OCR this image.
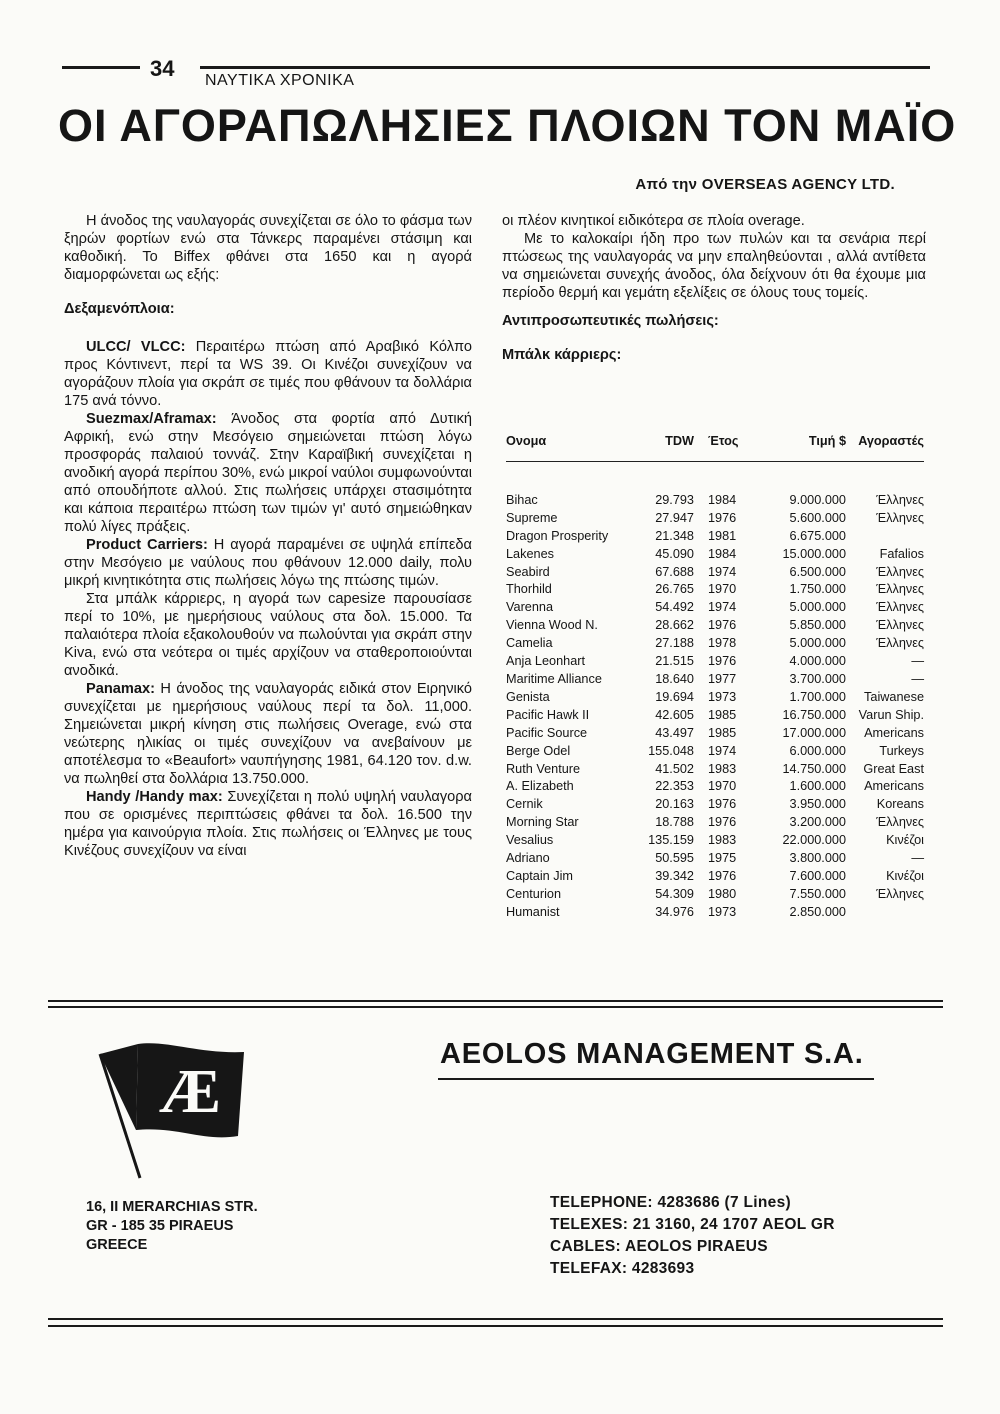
34 ΝΑΥΤΙΚΑ ΧΡΟΝΙΚΑ
ΟΙ ΑΓΟΡΑΠΩΛΗΣΙΕΣ ΠΛΟΙΩΝ ΤΟΝ ΜΑΪΟ
Από την OVERSEAS AGENCY LTD.

Η άνοδος της ναυλαγοράς συνεχίζεται σε όλο το φάσμα των ξηρών φορτίων ενώ στα Τάνκερς παραμένει στάσιμη και καθοδική. Το Biffex φθάνει στα 1650 και η αγορά διαμορφώνεται ως εξής:

Δεξαμενόπλοια:

ULCC/ VLCC: Περαιτέρω πτώση από Αραβικό Κόλπο προς Κόντινεντ, περί τα WS 39. Οι Κινέζοι συνεχίζουν να αγοράζουν πλοία για σκράπ σε τιμές που φθάνουν τα δολλάρια 175 ανά τόννο.

Suezmax/Aframax: Άνοδος στα φορτία από Δυτική Αφρική, ενώ στην Μεσόγειο σημειώνεται πτώση λόγω προσφοράς παλαιού τοννάζ. Στην Καραϊβική συνεχίζεται η ανοδική αγορά περίπου 30%, ενώ μικροί ναύλοι συμφωνούνται από οπουδήποτε αλλού. Στις πωλήσεις υπάρχει στασιμότητα και κάποια περαιτέρω πτώση των τιμών γι' αυτό σημειώθηκαν πολύ λίγες πράξεις.

Product Carriers: Η αγορά παραμένει σε υψηλά επίπεδα στην Μεσόγειο με ναύλους που φθάνουν 12.000 daily, πολυ μικρή κινητικότητα στις πωλήσεις λόγω της πτώσης τιμών.

Στα μπάλκ κάρριερς, η αγορά των capesize παρουσίασε περί το 10%, με ημερήσιους ναύλους στα δολ. 15.000. Τα παλαιότερα πλοία εξακολουθούν να πωλούνται για σκράπ στην Kiva, ενώ στα νεότερα οι τιμές αρχίζουν να σταθεροποιούνται ανοδικά.

Panamax: Η άνοδος της ναυλαγοράς ειδικά στον Ειρηνικό συνεχίζεται με ημερήσιους ναύλους περί τα δολ. 11,000. Σημειώνεται μικρή κίνηση στις πωλήσεις Overage, ενώ στα νεώτερης ηλικίας οι τιμές συνεχίζουν να ανεβαίνουν με αποτέλεσμα το «Beaufort» ναυπήγησης 1981, 64.120 τον. d.w. να πωληθεί στα δολλάρια 13.750.000.

Handy /Handy max: Συνεχίζεται η πολύ υψηλή ναυλαγορα που σε ορισμένες περιπτώσεις φθάνει τα δολ. 16.500 την ημέρα για καινούργια πλοία. Στις πωλήσεις οι Έλληνες με τους Κινέζους συνεχίζουν να είναι

οι πλέον κινητικοί ειδικότερα σε πλοία overage.

Με το καλοκαίρι ήδη προ των πυλών και τα σενάρια περί πτώσεως της ναυλαγοράς να μην επαληθεύονται , αλλά αντίθετα να σημειώνεται συνεχής άνοδος, όλα δείχνουν ότι θα έχουμε μια περίοδο θερμή και γεμάτη εξελίξεις σε όλους τους τομείς.

Αντιπροσωπευτικές πωλήσεις:

Μπάλκ κάρριερς:

Ονομα	TDW	Έτος	Τιμή $	Αγοραστές

Bihac	29.793	1984	9.000.000	Έλληνες
Supreme	27.947	1976	5.600.000	Έλληνες
Dragon Prosperity	21.348	1981	6.675.000	
Lakenes	45.090	1984	15.000.000	Fafalios
Seabird	67.688	1974	6.500.000	Έλληνες
Thorhild	26.765	1970	1.750.000	Έλληνες
Varenna	54.492	1974	5.000.000	Έλληνες
Vienna Wood N.	28.662	1976	5.850.000	Έλληνες
Camelia	27.188	1978	5.000.000	Έλληνες
Anja Leonhart	21.515	1976	4.000.000	—
Maritime Alliance	18.640	1977	3.700.000	—
Genista	19.694	1973	1.700.000	Taiwanese
Pacific Hawk II	42.605	1985	16.750.000	Varun Ship.
Pacific Source	43.497	1985	17.000.000	Americans
Berge Odel	155.048	1974	6.000.000	Turkeys
Ruth Venture	41.502	1983	14.750.000	Great East
A. Elizabeth	22.353	1970	1.600.000	Americans
Cernik	20.163	1976	3.950.000	Koreans
Morning Star	18.788	1976	3.200.000	Έλληνες
Vesalius	135.159	1983	22.000.000	Κινέζοι
Adriano	50.595	1975	3.800.000	—
Captain Jim	39.342	1976	7.600.000	Κινέζοι
Centurion	54.309	1980	7.550.000	Έλληνες
Humanist	34.976	1973	2.850.000	
Æ
AEOLOS MANAGEMENT S.A.
16, II MERARCHIAS STR.
GR - 185 35 PIRAEUS
GREECE
TELEPHONE: 4283686 (7 Lines)
TELEXES: 21 3160, 24 1707 AEOL GR
CABLES: AEOLOS PIRAEUS
TELEFAX: 4283693
